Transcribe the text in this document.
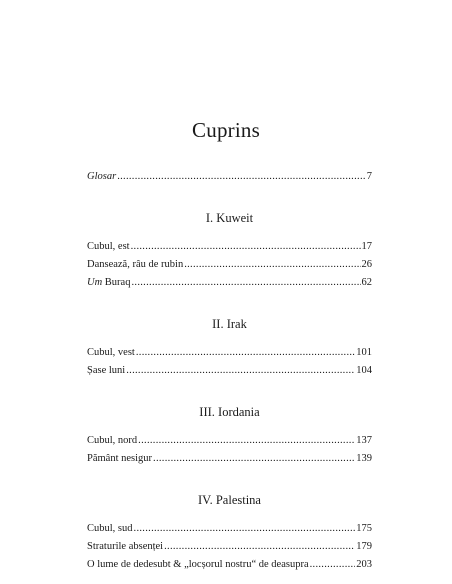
Cuprins
Glosar .....	7
I. Kuweit
Cubul, est .....	17
Dansează, râu de rubin .....	26
Um Buraq .....	62
II. Irak
Cubul, vest .....	101
Șase luni .....	104
III. Iordania
Cubul, nord .....	137
Pământ nesigur .....	139
IV. Palestina
Cubul, sud .....	175
Straturile absenței .....	179
O lume de dedesubt & „locșorul nostru“ de deasupra .....	203
